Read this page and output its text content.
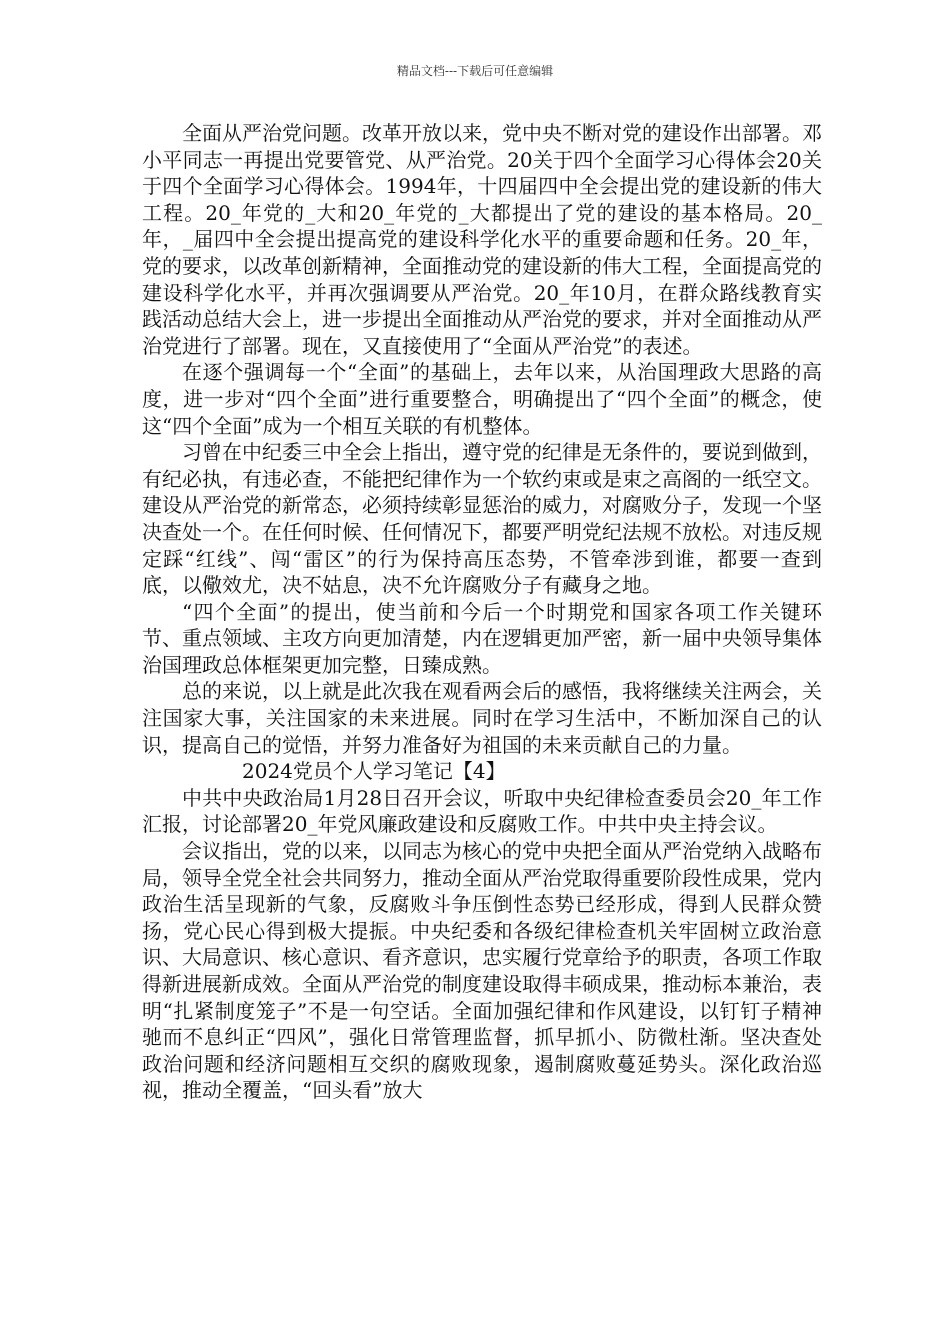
精品文档---下载后可任意编辑

全面从严治党问题。改革开放以来，党中央不断对党的建设作出部署。邓小平同志一再提出党要管党、从严治党。20关于四个全面学习心得体会20关于四个全面学习心得体会。1994年，十四届四中全会提出党的建设新的伟大工程。20_年党的_大和20_年党的_大都提出了党的建设的基本格局。20_年，_届四中全会提出提高党的建设科学化水平的重要命题和任务。20_年，党的要求，以改革创新精神，全面推动党的建设新的伟大工程，全面提高党的建设科学化水平，并再次强调要从严治党。20_年10月，在群众路线教育实践活动总结大会上，进一步提出全面推动从严治党的要求，并对全面推动从严治党进行了部署。现在，又直接使用了“全面从严治党”的表述。

在逐个强调每一个“全面”的基础上，去年以来，从治国理政大思路的高度，进一步对“四个全面”进行重要整合，明确提出了“四个全面”的概念，使这“四个全面”成为一个相互关联的有机整体。

习曾在中纪委三中全会上指出，遵守党的纪律是无条件的，要说到做到，有纪必执，有违必查，不能把纪律作为一个软约束或是束之高阁的一纸空文。建设从严治党的新常态，必须持续彰显惩治的威力，对腐败分子，发现一个坚决查处一个。在任何时候、任何情况下，都要严明党纪法规不放松。对违反规定踩“红线”、闯“雷区”的行为保持高压态势，不管牵涉到谁，都要一查到底，以儆效尤，决不姑息，决不允许腐败分子有藏身之地。

“四个全面”的提出，使当前和今后一个时期党和国家各项工作关键环节、重点领域、主攻方向更加清楚，内在逻辑更加严密，新一届中央领导集体治国理政总体框架更加完整，日臻成熟。

总的来说，以上就是此次我在观看两会后的感悟，我将继续关注两会，关注国家大事，关注国家的未来进展。同时在学习生活中，不断加深自己的认识，提高自己的觉悟，并努力准备好为祖国的未来贡献自己的力量。

2024党员个人学习笔记【4】

中共中央政治局1月28日召开会议，听取中央纪律检查委员会20_年工作汇报，讨论部署20_年党风廉政建设和反腐败工作。中共中央主持会议。

会议指出，党的以来，以同志为核心的党中央把全面从严治党纳入战略布局，领导全党全社会共同努力，推动全面从严治党取得重要阶段性成果，党内政治生活呈现新的气象，反腐败斗争压倒性态势已经形成，得到人民群众赞扬，党心民心得到极大提振。中央纪委和各级纪律检查机关牢固树立政治意识、大局意识、核心意识、看齐意识，忠实履行党章给予的职责，各项工作取得新进展新成效。全面从严治党的制度建设取得丰硕成果，推动标本兼治，表明“扎紧制度笼子”不是一句空话。全面加强纪律和作风建设，以钉钉子精神驰而不息纠正“四风”，强化日常管理监督，抓早抓小、防微杜渐。坚决查处政治问题和经济问题相互交织的腐败现象，遏制腐败蔓延势头。深化政治巡视，推动全覆盖，“回头看”放大
